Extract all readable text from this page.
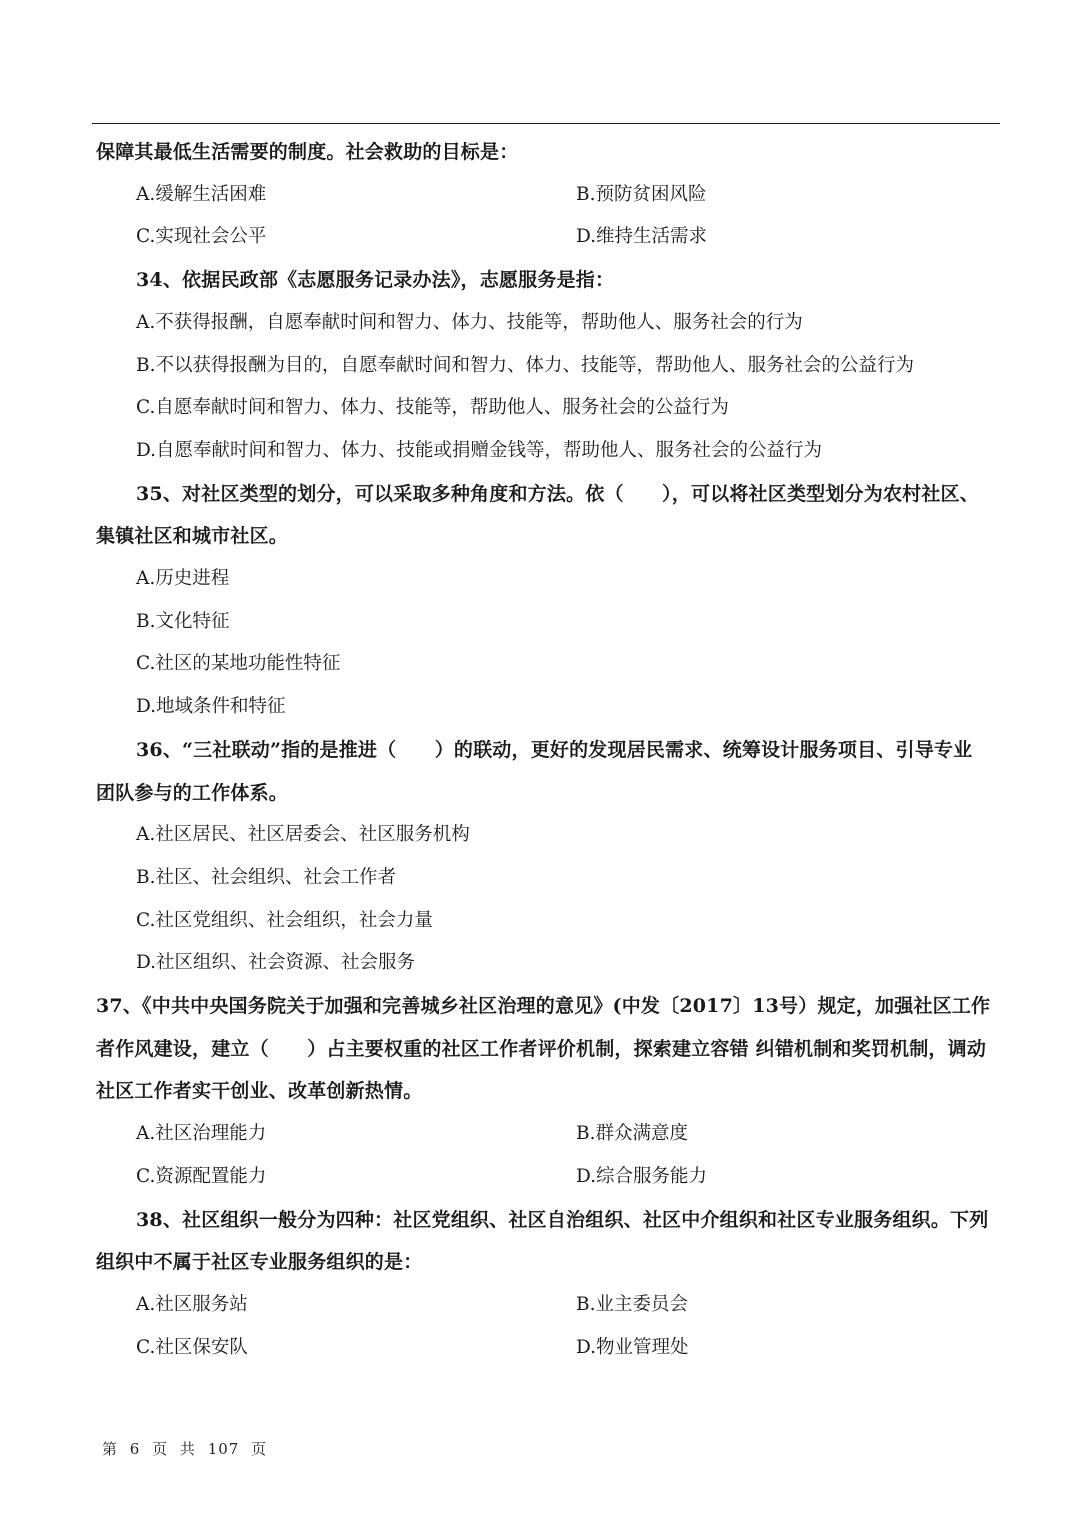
保障其最低生活需要的制度。社会救助的目标是：

A.缓解生活困难	B.预防贫困风险
C.实现社会公平	D.维持生活需求

34、依据民政部《志愿服务记录办法》，志愿服务是指：

A.不获得报酬，自愿奉献时间和智力、体力、技能等，帮助他人、服务社会的行为

B.不以获得报酬为目的，自愿奉献时间和智力、体力、技能等，帮助他人、服务社会的公益行为

C.自愿奉献时间和智力、体力、技能等，帮助他人、服务社会的公益行为

D.自愿奉献时间和智力、体力、技能或捐赠金钱等，帮助他人、服务社会的公益行为

35、对社区类型的划分，可以采取多种角度和方法。依（　　），可以将社区类型划分为农村社区、

集镇社区和城市社区。

A.历史进程

B.文化特征

C.社区的某地功能性特征

D.地域条件和特征

36、“三社联动”指的是推进（　　）的联动，更好的发现居民需求、统筹设计服务项目、引导专业

团队参与的工作体系。

A.社区居民、社区居委会、社区服务机构

B.社区、社会组织、社会工作者

C.社区党组织、社会组织，社会力量

D.社区组织、社会资源、社会服务

37、《中共中央国务院关于加强和完善城乡社区治理的意见》(中发〔2017〕13号）规定，加强社区工作

者作风建设，建立（　　）占主要权重的社区工作者评价机制，探索建立容错 纠错机制和奖罚机制，调动

社区工作者实干创业、改革创新热情。

A.社区治理能力	B.群众满意度
C.资源配置能力	D.综合服务能力

38、社区组织一般分为四种：社区党组织、社区自治组织、社区中介组织和社区专业服务组织。下列

组织中不属于社区专业服务组织的是：

A.社区服务站	B.业主委员会
C.社区保安队	D.物业管理处
第 6 页 共 107 页
